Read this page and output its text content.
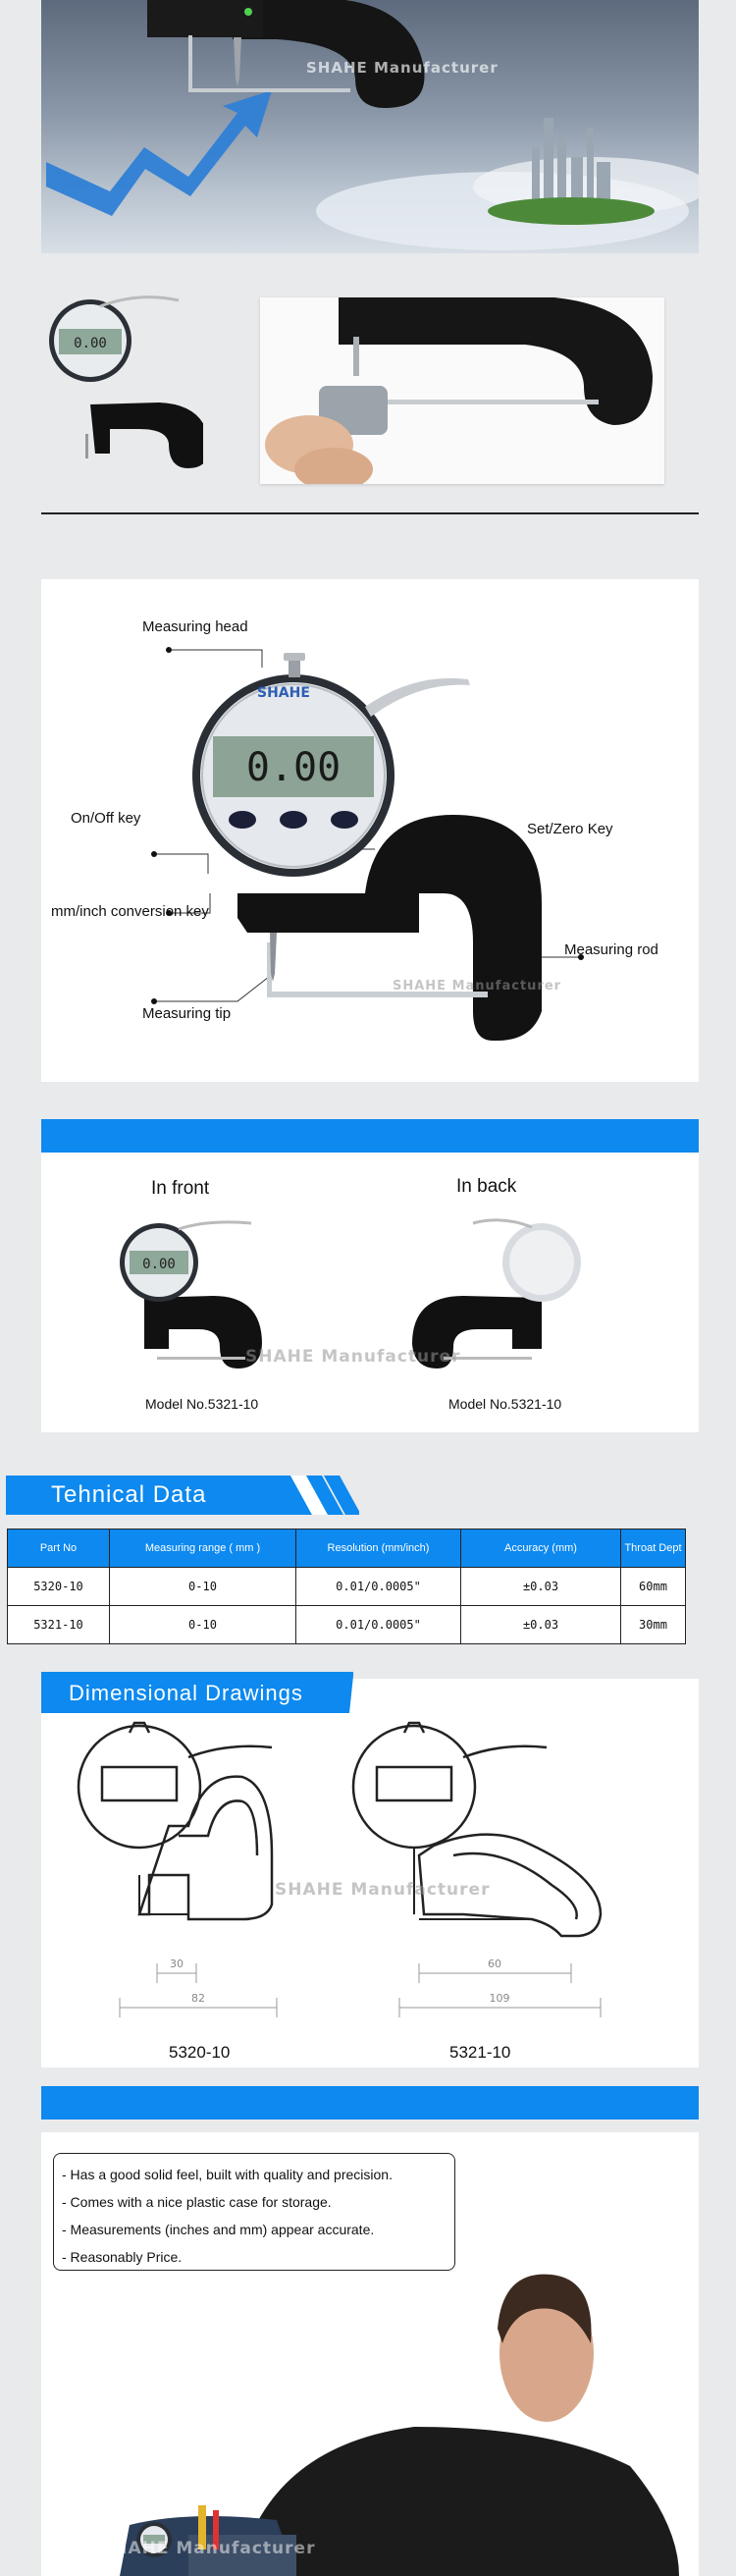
SHAHE Manufacturer
0.00
0.00
SHAHE
Measuring head
On/Off key
Set/Zero Key
mm/inch conversion key
Measuring rod
Measuring tip
SHAHE Manufacturer
In front	In back
0.00
SHAHE Manufacturer
Model No.5321-10	Model No.5321-10
Tehnical Data
Part No	Measuring range ( mm )	Resolution (mm/inch)	Accuracy (mm)	Throat Dept
5320-10	0-10	0.01/0.0005"	±0.03	60mm
5321-10	0-10	0.01/0.0005"	±0.03	30mm
30
82
60
109
SHAHE Manufacturer
5320-10	5321-10
Dimensional Drawings
SHAHE Manufacturer
- Has a good solid feel, built with quality and precision.
- Comes with a nice plastic case for storage.
- Measurements (inches and mm) appear accurate.
- Reasonably Price.
